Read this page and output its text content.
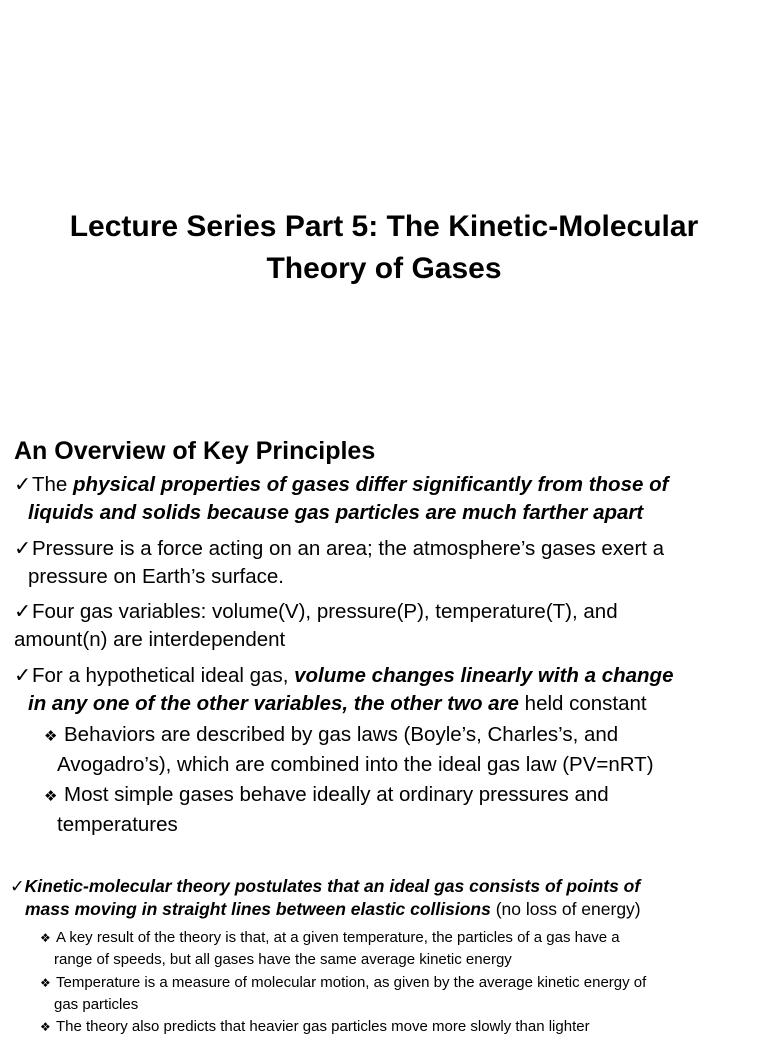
Lecture Series Part 5: The Kinetic-Molecular
Theory of Gases
An Overview of Key Principles
✓The physical properties of gases differ significantly from those of
liquids and solids because gas particles are much farther apart
✓Pressure is a force acting on an area; the atmosphere’s gases exert a
pressure on Earth’s surface.
✓Four gas variables: volume(V), pressure(P), temperature(T), and
amount(n) are interdependent
✓For a hypothetical ideal gas, volume changes linearly with a change
in any one of the other variables, the other two are held constant
❖ Behaviors are described by gas laws (Boyle’s, Charles’s, and
Avogadro’s), which are combined into the ideal gas law (PV=nRT)
❖ Most simple gases behave ideally at ordinary pressures and
temperatures
✓Kinetic-molecular theory postulates that an ideal gas consists of points of
mass moving in straight lines between elastic collisions (no loss of energy)
❖ A key result of the theory is that, at a given temperature, the particles of a gas have a
range of speeds, but all gases have the same average kinetic energy
❖ Temperature is a measure of molecular motion, as given by the average kinetic energy of
gas particles
❖ The theory also predicts that heavier gas particles move more slowly than lighter
